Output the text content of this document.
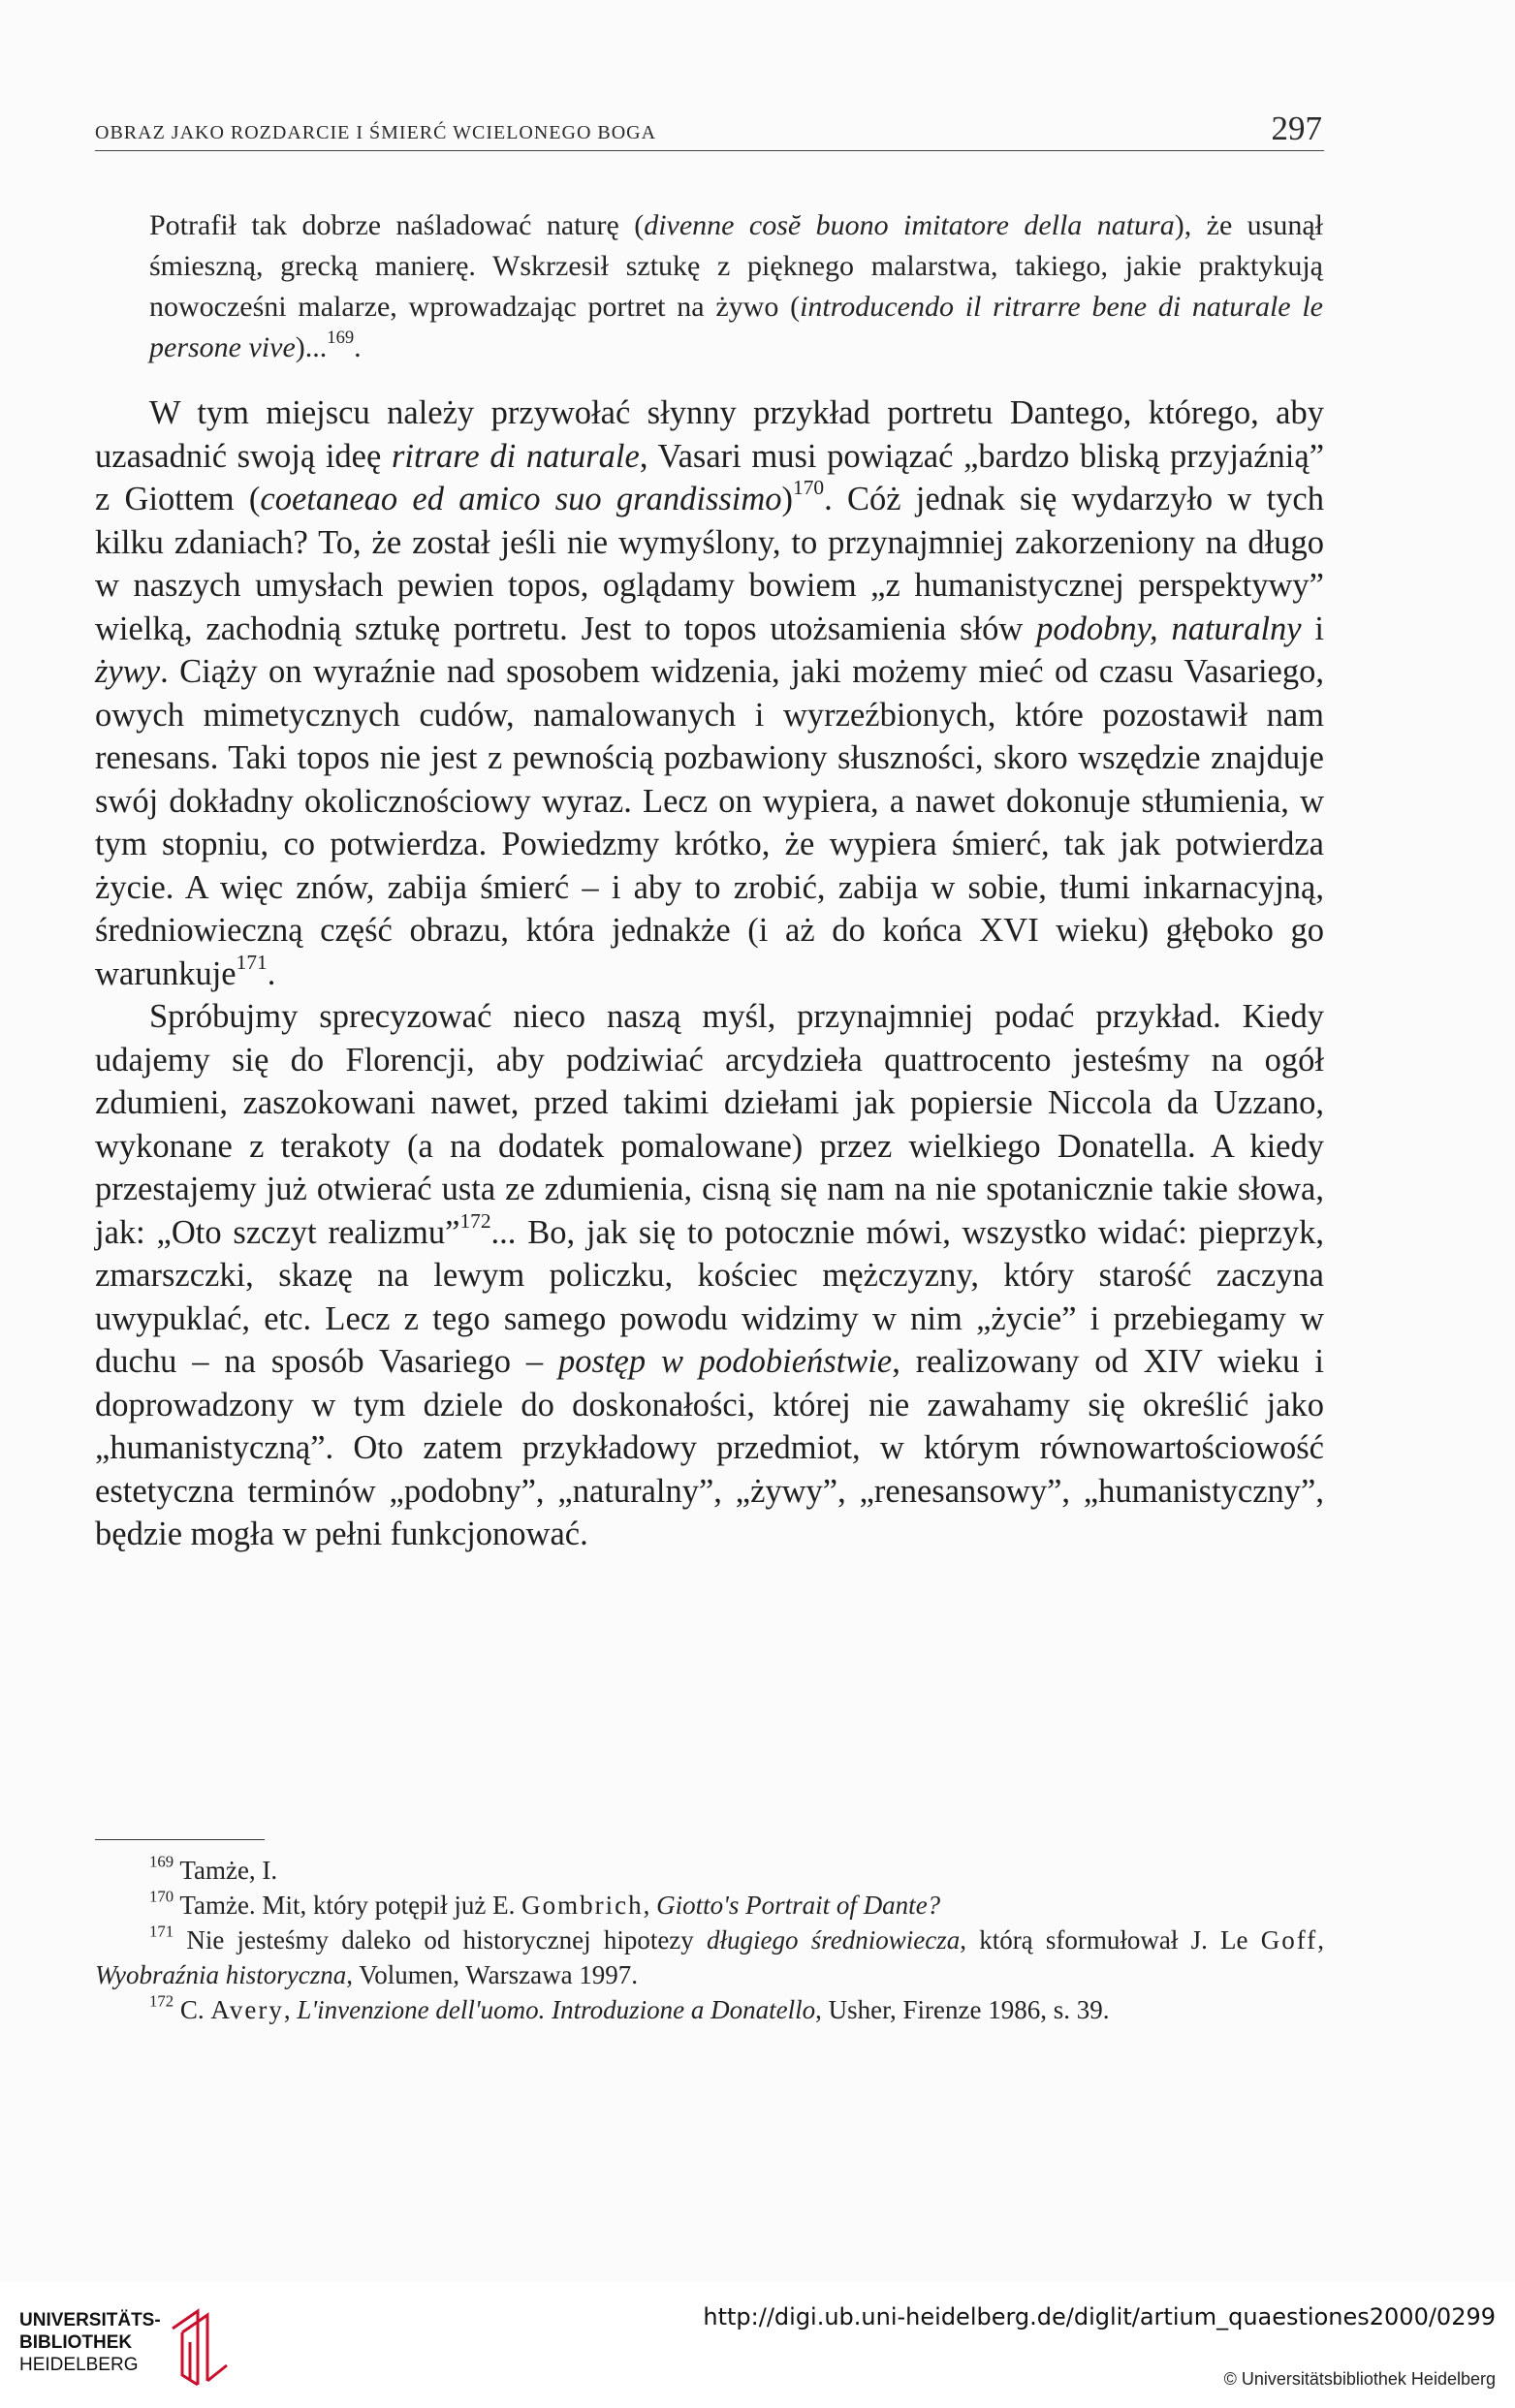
OBRAZ JAKO ROZDARCIE I ŚMIERĆ WCIELONEGO BOGA	297
Potrafił tak dobrze naśladować naturę (divenne cosĕ buono imitatore della natura), że usunął śmieszną, grecką manierę. Wskrzesił sztukę z pięknego malarstwa, takiego, jakie praktykują nowocześni malarze, wprowadzając portret na żywo (introducendo il ritrarre bene di naturale le persone vive)...$^{169}$.

W tym miejscu należy przywołać słynny przykład portretu Dantego, którego, aby uzasadnić swoją ideę ritrare di naturale, Vasari musi powiązać „bardzo bliską przyjaźnią” z Giottem (coetaneao ed amico suo grandissimo)$^{170}$. Cóż jednak się wydarzyło w tych kilku zdaniach? To, że został jeśli nie wymyślony, to przynajmniej zakorzeniony na długo w naszych umysłach pewien topos, oglądamy bowiem „z humanistycznej perspektywy” wielką, zachodnią sztukę portretu. Jest to topos utożsamienia słów podobny, naturalny i żywy. Ciąży on wyraźnie nad sposobem widzenia, jaki możemy mieć od czasu Vasariego, owych mimetycznych cudów, namalowanych i wyrzeźbionych, które pozostawił nam renesans. Taki topos nie jest z pewnością pozbawiony słuszności, skoro wszędzie znajduje swój dokładny okolicznościowy wyraz. Lecz on wypiera, a nawet dokonuje stłumienia, w tym stopniu, co potwierdza. Powiedzmy krótko, że wypiera śmierć, tak jak potwierdza życie. A więc znów, zabija śmierć – i aby to zrobić, zabija w sobie, tłumi inkarnacyjną, średniowieczną część obrazu, która jednakże (i aż do końca XVI wieku) głęboko go warunkuje$^{171}$.

Spróbujmy sprecyzować nieco naszą myśl, przynajmniej podać przykład. Kiedy udajemy się do Florencji, aby podziwiać arcydzieła quattrocento jesteśmy na ogół zdumieni, zaszokowani nawet, przed takimi dziełami jak popiersie Niccola da Uzzano, wykonane z terakoty (a na dodatek pomalowane) przez wielkiego Donatella. A kiedy przestajemy już otwierać usta ze zdumienia, cisną się nam na nie spotanicznie takie słowa, jak: „Oto szczyt realizmu”$^{172}$... Bo, jak się to potocznie mówi, wszystko widać: pieprzyk, zmarszczki, skazę na lewym policzku, kościec mężczyzny, który starość zaczyna uwypuklać, etc. Lecz z tego samego powodu widzimy w nim „życie” i przebiegamy w duchu – na sposób Vasariego – postęp w podobieństwie, realizowany od XIV wieku i doprowadzony w tym dziele do doskonałości, której nie zawahamy się określić jako „humanistyczną”. Oto zatem przykładowy przedmiot, w którym równowartościowość estetyczna terminów „podobny”, „naturalny”, „żywy”, „renesansowy”, „humanistyczny”, będzie mogła w pełni funkcjonować.

$^{169}$ Tamże, I.

$^{170}$ Tamże. Mit, który potępił już E. Gombrich, Giotto's Portrait of Dante?

$^{171}$ Nie jesteśmy daleko od historycznej hipotezy długiego średniowiecza, którą sformułował J. Le Goff, Wyobraźnia historyczna, Volumen, Warszawa 1997.

$^{172}$ C. Avery, L'invenzione dell'uomo. Introduzione a Donatello, Usher, Firenze 1986, s. 39.

UNIVERSITÄTS-
BIBLIOTHEK
HEIDELBERG
http://digi.ub.uni-heidelberg.de/diglit/artium_quaestiones2000/0299
© Universitätsbibliothek Heidelberg
